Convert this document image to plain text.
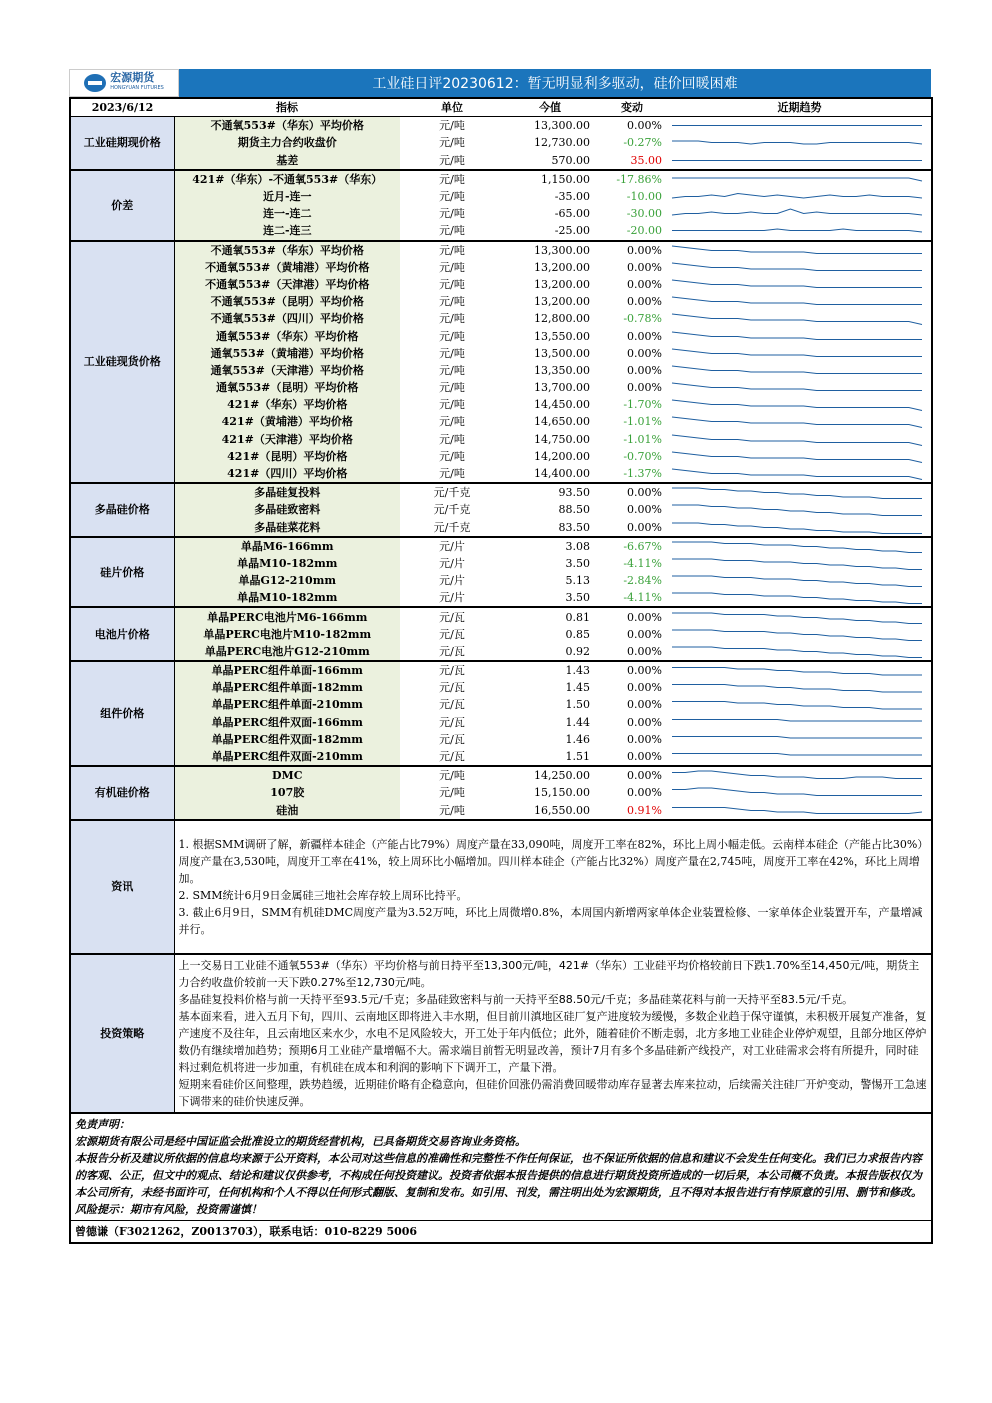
宏源期货
HONGYUAN FUTURES	工业硅日评20230612：暂无明显利多驱动，硅价回暖困难
2023/6/12	指标	单位	今值	变动	近期趋势
工业硅期现价格	不通氧553#（华东）平均价格	元/吨	13,300.00	0.00%	

	期货主力合约收盘价	元/吨	12,730.00	-0.27%	

	基差	元/吨	570.00	35.00	

价差	421#（华东）-不通氧553#（华东）	元/吨	1,150.00	-17.86%	

	近月-连一	元/吨	-35.00	-10.00	

	连一-连二	元/吨	-65.00	-30.00	

	连二-连三	元/吨	-25.00	-20.00	

工业硅现货价格	不通氧553#（华东）平均价格	元/吨	13,300.00	0.00%	

	不通氧553#（黄埔港）平均价格	元/吨	13,200.00	0.00%	

	不通氧553#（天津港）平均价格	元/吨	13,200.00	0.00%	

	不通氧553#（昆明）平均价格	元/吨	13,200.00	0.00%	

	不通氧553#（四川）平均价格	元/吨	12,800.00	-0.78%	

	通氧553#（华东）平均价格	元/吨	13,550.00	0.00%	

	通氧553#（黄埔港）平均价格	元/吨	13,500.00	0.00%	

	通氧553#（天津港）平均价格	元/吨	13,350.00	0.00%	

	通氧553#（昆明）平均价格	元/吨	13,700.00	0.00%	

	421#（华东）平均价格	元/吨	14,450.00	-1.70%	

	421#（黄埔港）平均价格	元/吨	14,650.00	-1.01%	

	421#（天津港）平均价格	元/吨	14,750.00	-1.01%	

	421#（昆明）平均价格	元/吨	14,200.00	-0.70%	

	421#（四川）平均价格	元/吨	14,400.00	-1.37%	

多晶硅价格	多晶硅复投料	元/千克	93.50	0.00%	

	多晶硅致密料	元/千克	88.50	0.00%	

	多晶硅菜花料	元/千克	83.50	0.00%	

硅片价格	单晶M6-166mm	元/片	3.08	-6.67%	

	单晶M10-182mm	元/片	3.50	-4.11%	

	单晶G12-210mm	元/片	5.13	-2.84%	

	单晶M10-182mm	元/片	3.50	-4.11%	

电池片价格	单晶PERC电池片M6-166mm	元/瓦	0.81	0.00%	

	单晶PERC电池片M10-182mm	元/瓦	0.85	0.00%	

	单晶PERC电池片G12-210mm	元/瓦	0.92	0.00%	

组件价格	单晶PERC组件单面-166mm	元/瓦	1.43	0.00%	

	单晶PERC组件单面-182mm	元/瓦	1.45	0.00%	

	单晶PERC组件单面-210mm	元/瓦	1.50	0.00%	

	单晶PERC组件双面-166mm	元/瓦	1.44	0.00%	

	单晶PERC组件双面-182mm	元/瓦	1.46	0.00%	

	单晶PERC组件双面-210mm	元/瓦	1.51	0.00%	

有机硅价格	DMC	元/吨	14,250.00	0.00%	

	107胶	元/吨	15,150.00	0.00%	

	硅油	元/吨	16,550.00	0.91%	

资讯	1. 根据SMM调研了解，新疆样本硅企（产能占比79%）周度产量在33,090吨，周度开工率在82%，环比上周小幅走低。云南样本硅企（产能占比30%）周度产量在3,530吨，周度开工率在41%，较上周环比小幅增加。四川样本硅企（产能占比32%）周度产量在2,745吨，周度开工率在42%，环比上周增加。

2. SMM统计6月9日金属硅三地社会库存较上周环比持平。

3. 截止6月9日，SMM有机硅DMC周度产量为3.52万吨，环比上周微增0.8%，本周国内新增两家单体企业装置检修、一家单体企业装置开车，产量增减并行。				

投资策略	上一交易日工业硅不通氧553#（华东）平均价格与前日持平至13,300元/吨，421#（华东）工业硅平均价格较前日下跌1.70%至14,450元/吨，期货主力合约收盘价较前一天下跌0.27%至12,730元/吨。

多晶硅复投料价格与前一天持平至93.5元/千克；多晶硅致密料与前一天持平至88.50元/千克；多晶硅菜花料与前一天持平至83.5元/千克。

基本面来看，进入五月下旬，四川、云南地区即将进入丰水期，但目前川滇地区硅厂复产进度较为缓慢，多数企业趋于保守谨慎，未积极开展复产准备，复产速度不及往年，且云南地区来水少，水电不足风险较大，开工处于年内低位；此外，随着硅价不断走弱，北方多地工业硅企业停炉观望，且部分地区停炉数仍有继续增加趋势；预期6月工业硅产量增幅不大。需求端目前暂无明显改善，预计7月有多个多晶硅新产线投产，对工业硅需求会将有所提升，同时硅料过剩危机将进一步加重，有机硅在成本和利润的影响下下调开工，产量下滑。

短期来看硅价区间整理，跌势趋缓，近期硅价略有企稳意向，但硅价回涨仍需消费回暖带动库存显著去库来拉动，后续需关注硅厂开炉变动，警惕开工急速下调带来的硅价快速反弹。				

免责声明：
宏源期货有限公司是经中国证监会批准设立的期货经营机构，已具备期货交易咨询业务资格。
本报告分析及建议所依据的信息均来源于公开资料，本公司对这些信息的准确性和完整性不作任何保证，也不保证所依据的信息和建议不会发生任何变化。我们已力求报告内容的客观、公正，但文中的观点、结论和建议仅供参考，不构成任何投资建议。投资者依据本报告提供的信息进行期货投资所造成的一切后果，本公司概不负责。本报告版权仅为本公司所有，未经书面许可，任何机构和个人不得以任何形式翻版、复制和发布。如引用、刊发，需注明出处为宏源期货，且不得对本报告进行有悖原意的引用、删节和修改。
风险提示：期市有风险，投资需谨慎！					

曾德谦（F3021262，Z0013703），联系电话：010-8229 5006					
